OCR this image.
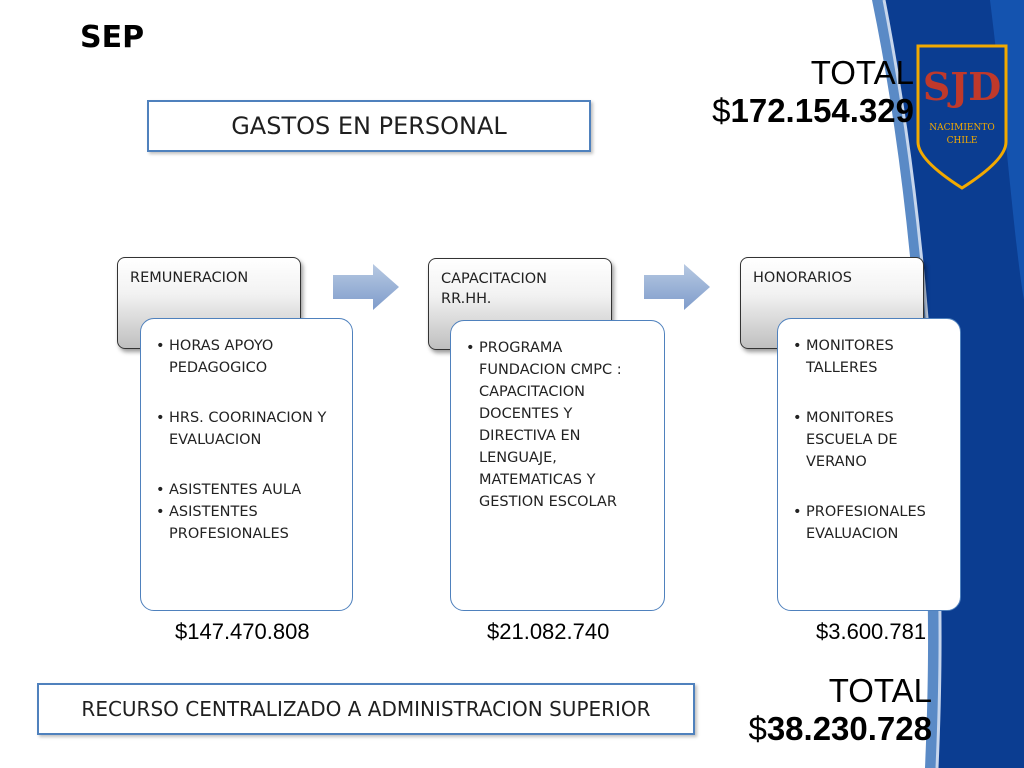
SJD
NACIMIENTO
CHILE
SEP
TOTAL
$172.154.329
GASTOS EN PERSONAL
REMUNERACION
• HORAS APOYO PEDAGOGICO
• HRS. COORINACION Y EVALUACION
• ASISTENTES AULA
• ASISTENTES PROFESIONALES
$147.470.808
CAPACITACION RR.HH.
• PROGRAMA FUNDACION CMPC : CAPACITACION DOCENTES Y DIRECTIVA EN LENGUAJE, MATEMATICAS Y GESTION ESCOLAR
$21.082.740
HONORARIOS
• MONITORES TALLERES
• MONITORES ESCUELA DE VERANO
• PROFESIONALES EVALUACION
$3.600.781
RECURSO CENTRALIZADO A ADMINISTRACION SUPERIOR	TOTAL
$38.230.728
